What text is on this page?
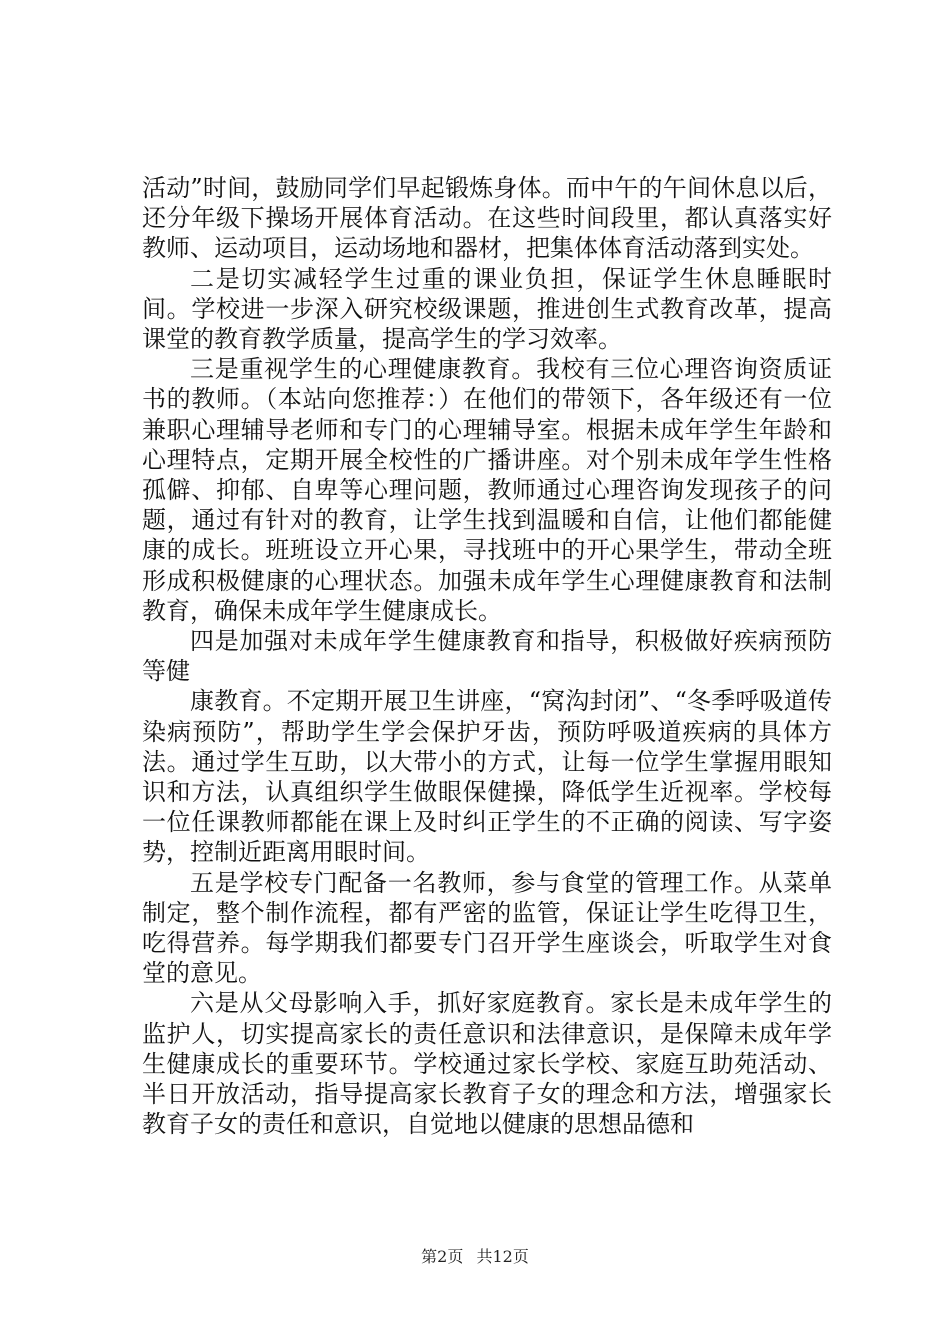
活动”时间，鼓励同学们早起锻炼身体。而中午的午间休息以后，还分年级下操场开展体育活动。在这些时间段里，都认真落实好教师、运动项目，运动场地和器材，把集体体育活动落到实处。

二是切实减轻学生过重的课业负担，保证学生休息睡眠时间。学校进一步深入研究校级课题，推进创生式教育改革，提高课堂的教育教学质量，提高学生的学习效率。

三是重视学生的心理健康教育。我校有三位心理咨询资质证书的教师。（本站向您推荐：）在他们的带领下，各年级还有一位兼职心理辅导老师和专门的心理辅导室。根据未成年学生年龄和心理特点，定期开展全校性的广播讲座。对个别未成年学生性格孤僻、抑郁、自卑等心理问题，教师通过心理咨询发现孩子的问题，通过有针对的教育，让学生找到温暖和自信，让他们都能健康的成长。班班设立开心果，寻找班中的开心果学生，带动全班形成积极健康的心理状态。加强未成年学生心理健康教育和法制教育，确保未成年学生健康成长。

四是加强对未成年学生健康教育和指导，积极做好疾病预防等健

康教育。不定期开展卫生讲座，“窝沟封闭”、“冬季呼吸道传染病预防”，帮助学生学会保护牙齿，预防呼吸道疾病的具体方法。通过学生互助，以大带小的方式，让每一位学生掌握用眼知识和方法，认真组织学生做眼保健操，降低学生近视率。学校每一位任课教师都能在课上及时纠正学生的不正确的阅读、写字姿势，控制近距离用眼时间。

五是学校专门配备一名教师，参与食堂的管理工作。从菜单制定，整个制作流程，都有严密的监管，保证让学生吃得卫生，吃得营养。每学期我们都要专门召开学生座谈会，听取学生对食堂的意见。

六是从父母影响入手，抓好家庭教育。家长是未成年学生的监护人，切实提高家长的责任意识和法律意识，是保障未成年学生健康成长的重要环节。学校通过家长学校、家庭互助苑活动、半日开放活动，指导提高家长教育子女的理念和方法，增强家长教育子女的责任和意识，自觉地以健康的思想品德和

第2页 共12页
